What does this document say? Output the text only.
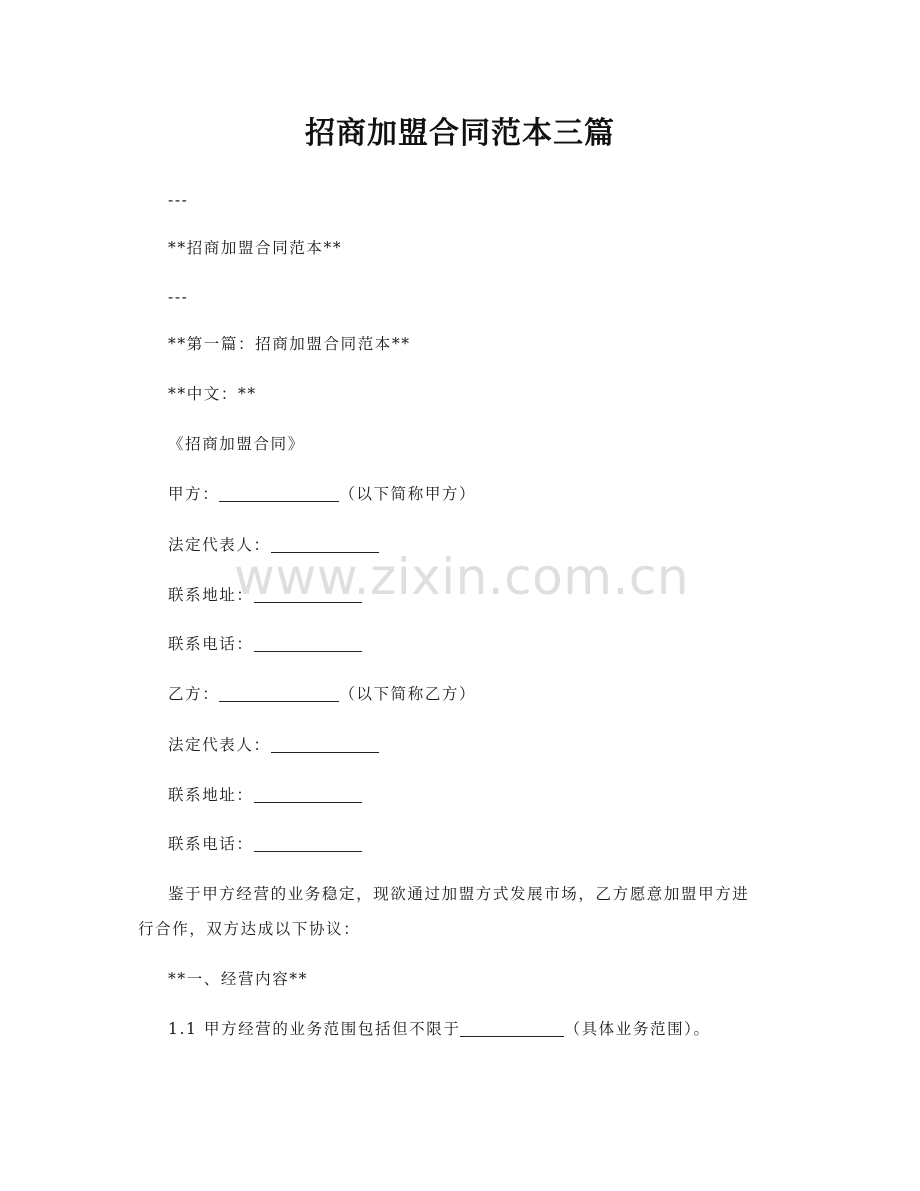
招商加盟合同范本三篇
---
**招商加盟合同范本**
---
**第一篇：招商加盟合同范本**
**中文：**
《招商加盟合同》
甲方：	（以下简称甲方）
法定代表人：
联系地址：
联系电话：
乙方：	（以下简称乙方）
法定代表人：
联系地址：
联系电话：
鉴于甲方经营的业务稳定，现欲通过加盟方式发展市场，乙方愿意加盟甲方进
行合作，双方达成以下协议：
**一、经营内容**
1.1 甲方经营的业务范围包括但不限于	（具体业务范围）。
www.zixin.com.cn
